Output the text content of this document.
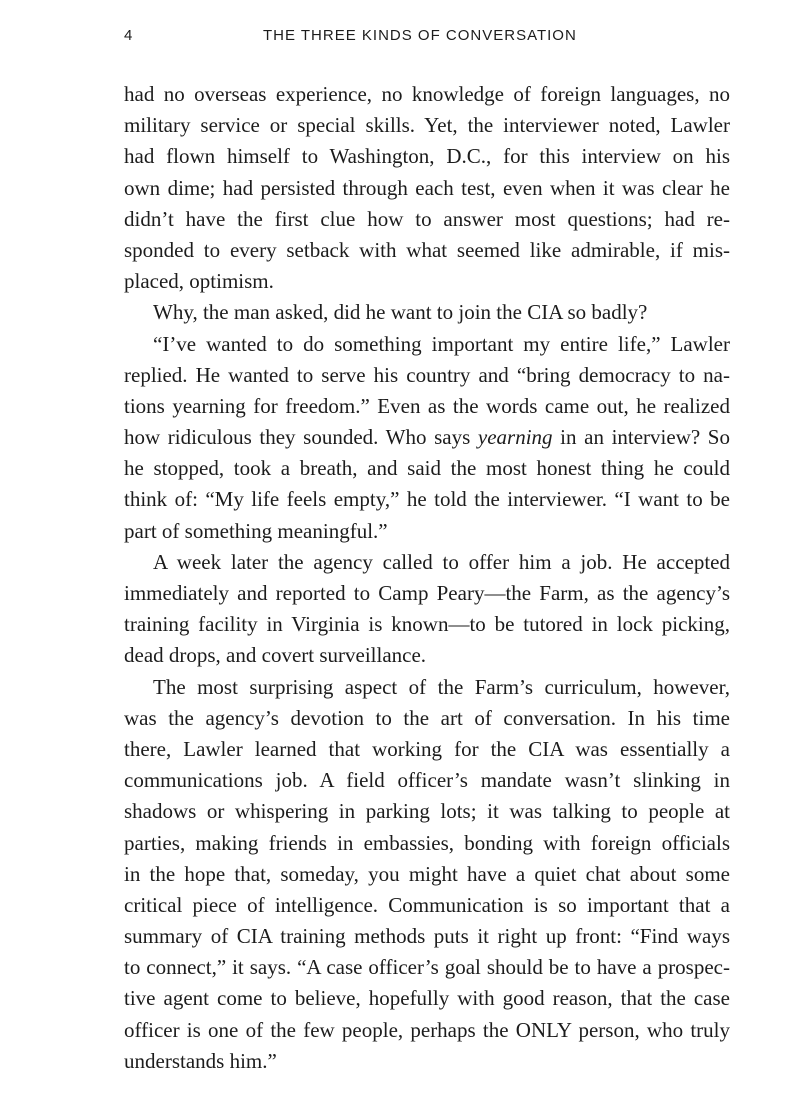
4	THE THREE KINDS OF CONVERSATION
had no overseas experience, no knowledge of foreign languages, no
military service or special skills. Yet, the interviewer noted, Lawler
had flown himself to Washington, D.C., for this interview on his
own dime; had persisted through each test, even when it was clear he
didn’t have the first clue how to answer most questions; had re-
sponded to every setback with what seemed like admirable, if mis-
placed, optimism.
Why, the man asked, did he want to join the CIA so badly?
“I’ve wanted to do something important my entire life,” Lawler
replied. He wanted to serve his country and “bring democracy to na-
tions yearning for freedom.” Even as the words came out, he realized
how ridiculous they sounded. Who says yearning in an interview? So
he stopped, took a breath, and said the most honest thing he could
think of: “My life feels empty,” he told the interviewer. “I want to be
part of something meaningful.”
A week later the agency called to offer him a job. He accepted
immediately and reported to Camp Peary—the Farm, as the agency’s
training facility in Virginia is known—to be tutored in lock picking,
dead drops, and covert surveillance.
The most surprising aspect of the Farm’s curriculum, however,
was the agency’s devotion to the art of conversation. In his time
there, Lawler learned that working for the CIA was essentially a
communications job. A field officer’s mandate wasn’t slinking in
shadows or whispering in parking lots; it was talking to people at
parties, making friends in embassies, bonding with foreign officials
in the hope that, someday, you might have a quiet chat about some
critical piece of intelligence. Communication is so important that a
summary of CIA training methods puts it right up front: “Find ways
to connect,” it says. “A case officer’s goal should be to have a prospec-
tive agent come to believe, hopefully with good reason, that the case
officer is one of the few people, perhaps the ONLY person, who truly
understands him.”
